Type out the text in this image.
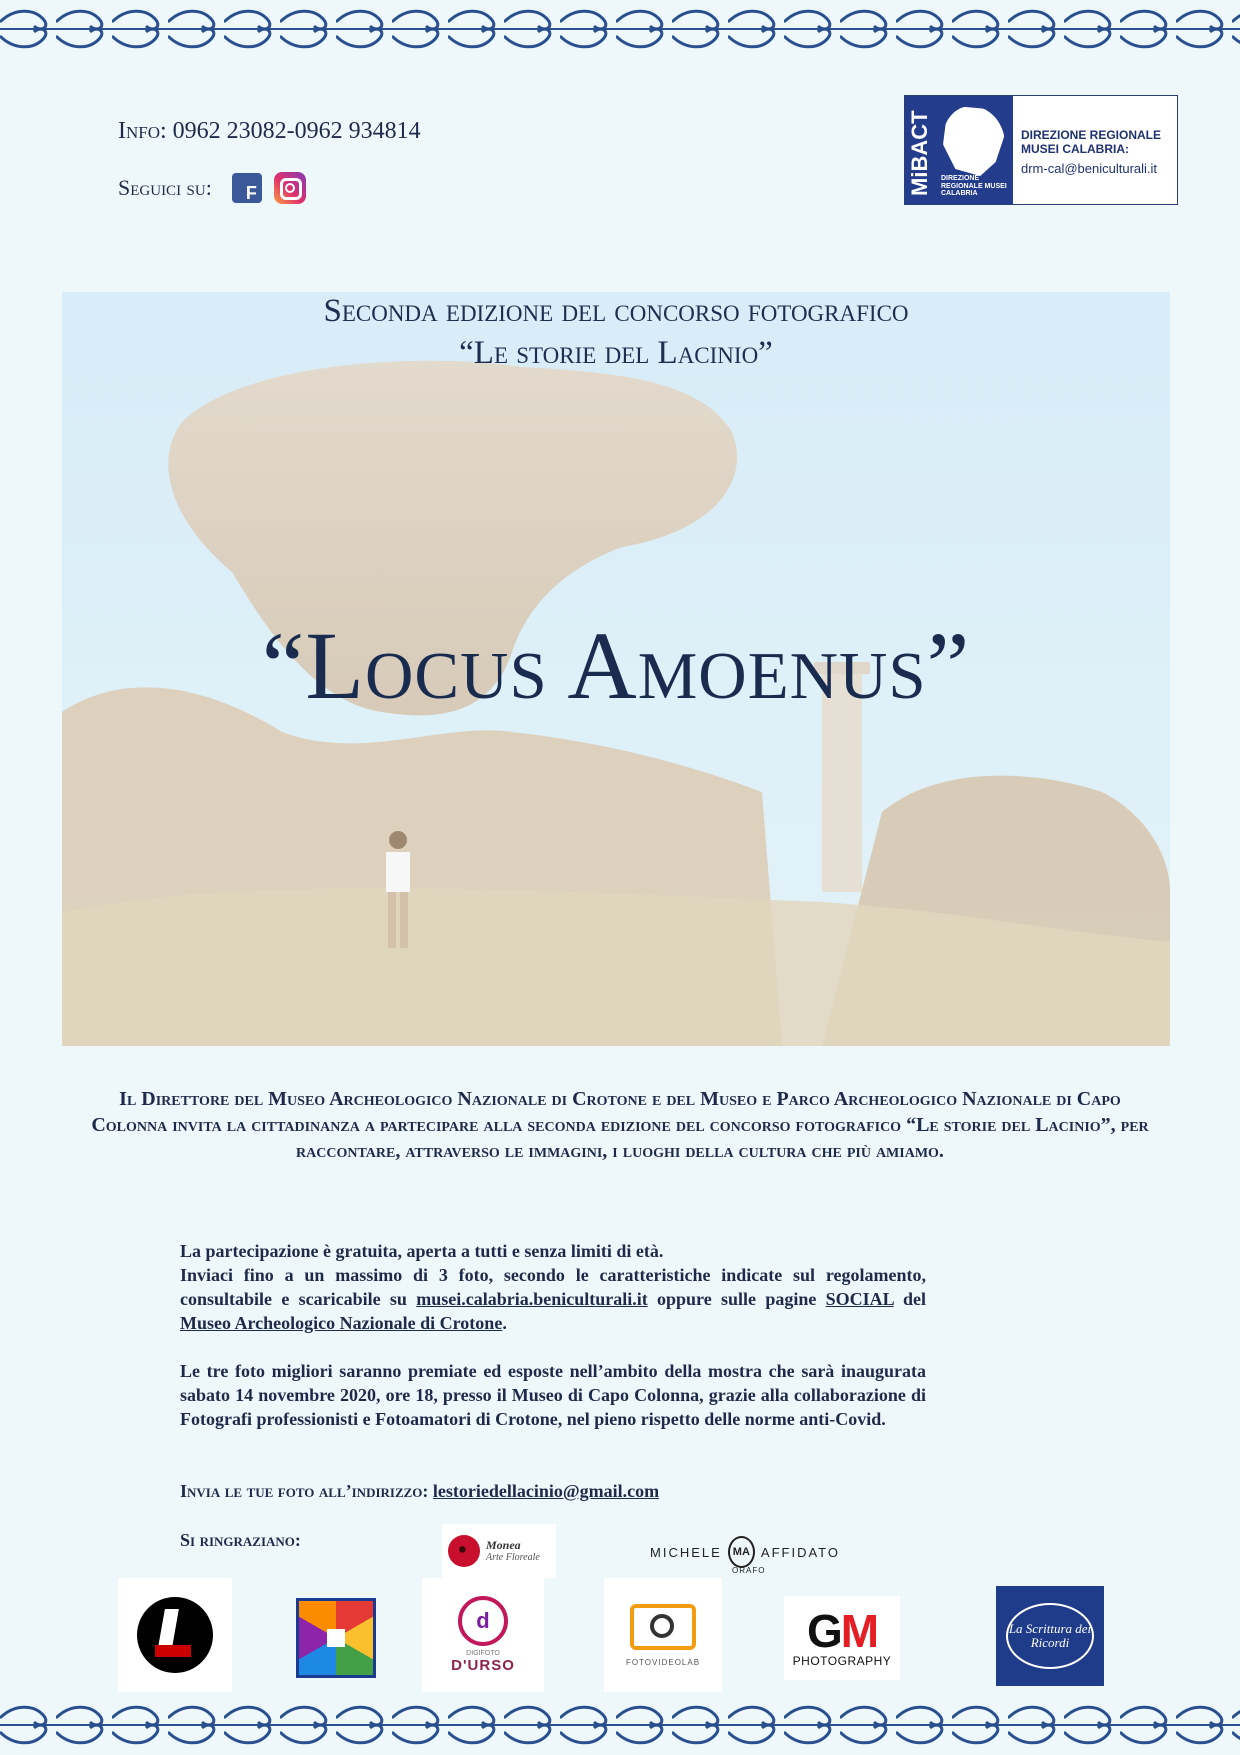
Info: 0962 23082-0962 934814
Seguici su:	f	MiBACT DIREZIONE REGIONALE MUSEI CALABRIA
DIREZIONE REGIONALE
MUSEI CALABRIA:
drm-cal@beniculturali.it
Seconda edizione del concorso fotografico
“Le storie del Lacinio”
“Locus Amoenus”
Il Direttore del Museo Archeologico Nazionale di Crotone e del Museo e Parco Archeologico Nazionale di Capo Colonna invita la cittadinanza a partecipare alla seconda edizione del concorso fotografico “Le storie del Lacinio”, per raccontare, attraverso le immagini, i luoghi della cultura che più amiamo.

La partecipazione è gratuita, aperta a tutti e senza limiti di età.

Inviaci fino a un massimo di 3 foto, secondo le caratteristiche indicate sul regolamento, consultabile e scaricabile su musei.calabria.beniculturali.it oppure sulle pagine SOCIAL del Museo Archeologico Nazionale di Crotone.

Le tre foto migliori saranno premiate ed esposte nell’ambito della mostra che sarà inaugurata sabato 14 novembre 2020, ore 18, presso il Museo di Capo Colonna, grazie alla collaborazione di Fotografi professionisti e Fotoamatori di Crotone, nel pieno rispetto delle norme anti-Covid.

Invia le tue foto all’indirizzo: lestoriedellacinio@gmail.com
Si ringraziano:	Monea
Arte Floreale	MICHELE	MA AFFIDATO
ORAFO
d
DIGIFOTO
D'URSO	FOTOVIDEOLAB
GM
PHOTOGRAPHY
La Scrittura dei Ricordi
